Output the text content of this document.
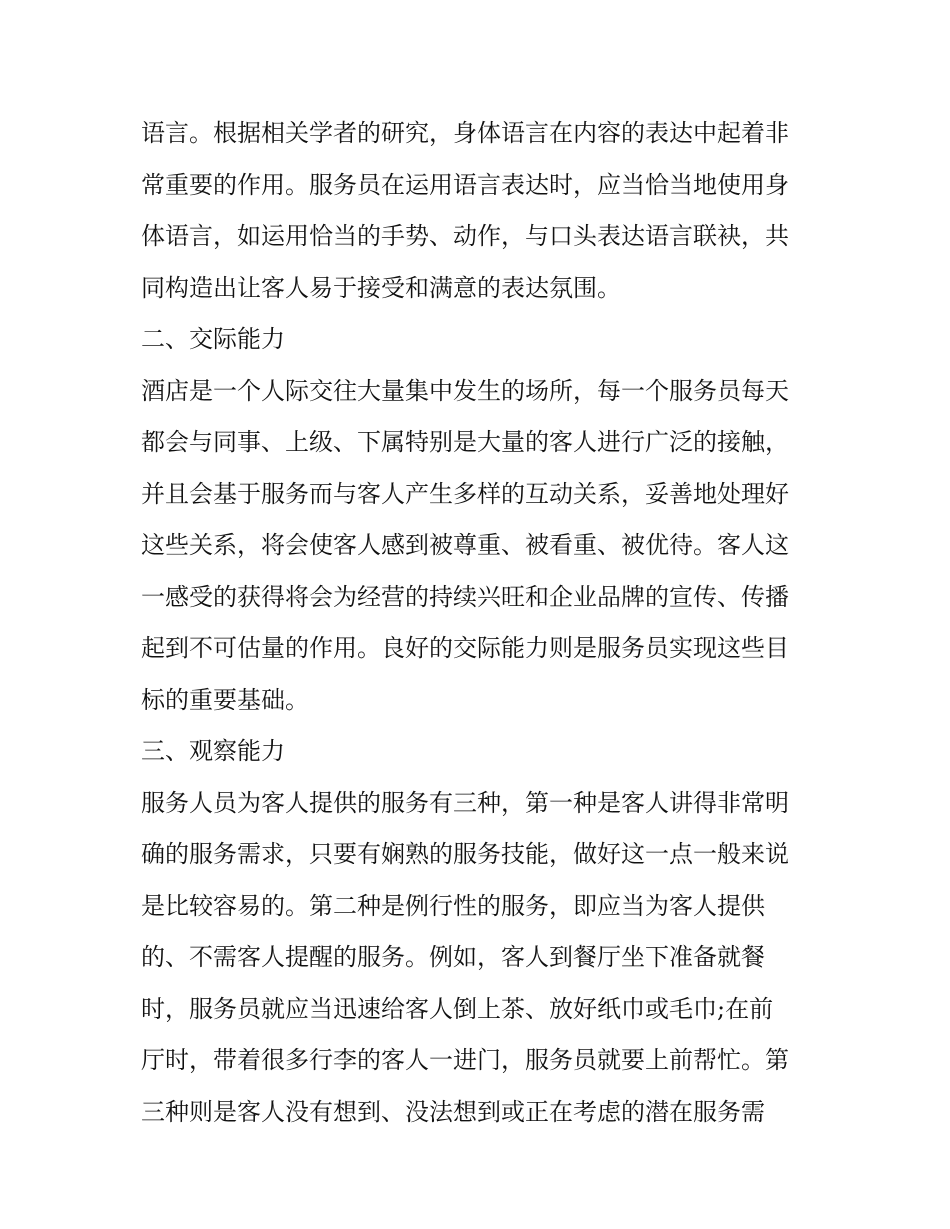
语言。根据相关学者的研究，身体语言在内容的表达中起着非
常重要的作用。服务员在运用语言表达时，应当恰当地使用身
体语言，如运用恰当的手势、动作，与口头表达语言联袂，共
同构造出让客人易于接受和满意的表达氛围。
二、交际能力
酒店是一个人际交往大量集中发生的场所，每一个服务员每天
都会与同事、上级、下属特别是大量的客人进行广泛的接触，
并且会基于服务而与客人产生多样的互动关系，妥善地处理好
这些关系，将会使客人感到被尊重、被看重、被优待。客人这
一感受的获得将会为经营的持续兴旺和企业品牌的宣传、传播
起到不可估量的作用。良好的交际能力则是服务员实现这些目
标的重要基础。
三、观察能力
服务人员为客人提供的服务有三种，第一种是客人讲得非常明
确的服务需求，只要有娴熟的服务技能，做好这一点一般来说
是比较容易的。第二种是例行性的服务，即应当为客人提供
的、不需客人提醒的服务。例如，客人到餐厅坐下准备就餐
时，服务员就应当迅速给客人倒上茶、放好纸巾或毛巾;在前
厅时，带着很多行李的客人一进门，服务员就要上前帮忙。第
三种则是客人没有想到、没法想到或正在考虑的潜在服务需
